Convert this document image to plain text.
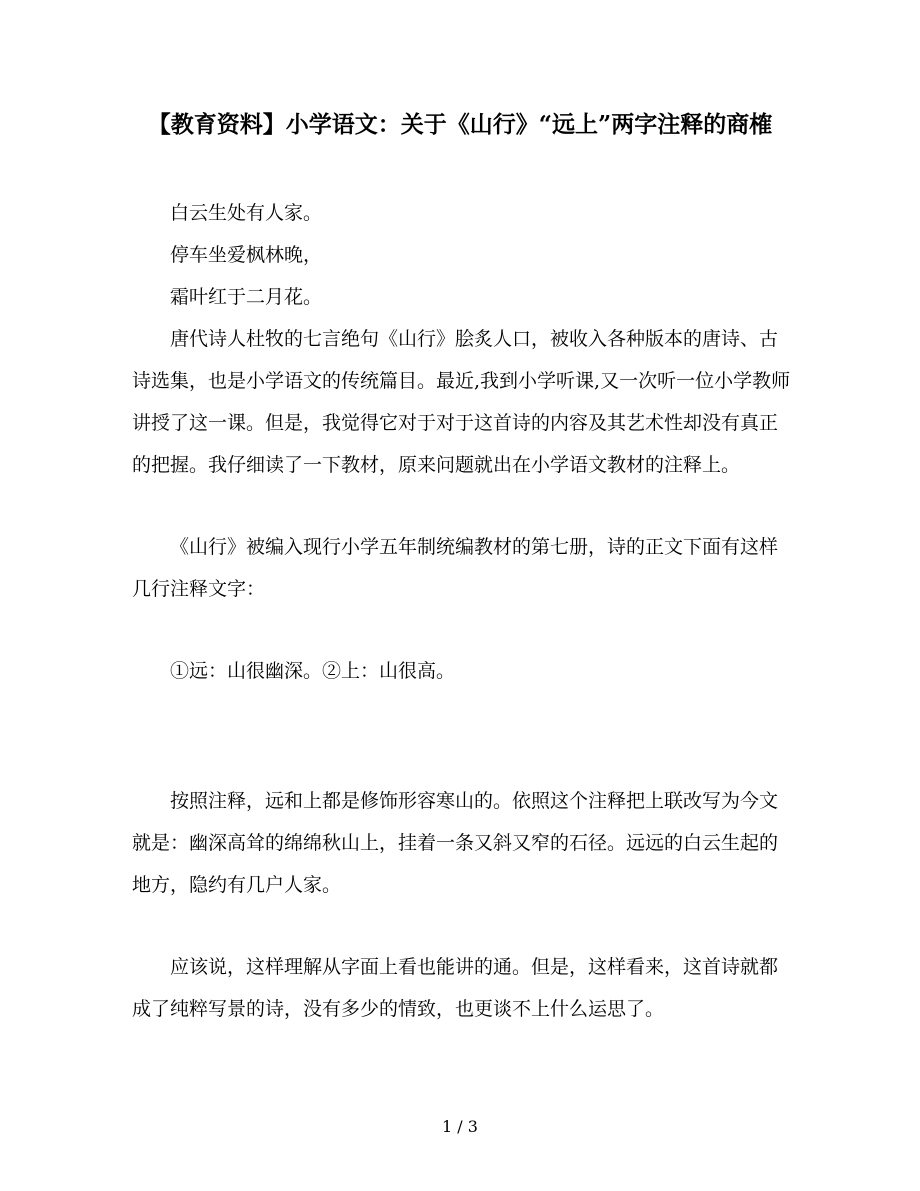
【教育资料】小学语文：关于《山行》“远上”两字注释的商榷

白云生处有人家。

停车坐爱枫林晚，

霜叶红于二月花。

唐代诗人杜牧的七言绝句《山行》脍炙人口，被收入各种版本的唐诗、古诗选集，也是小学语文的传统篇目。最近,我到小学听课,又一次听一位小学教师讲授了这一课。但是，我觉得它对于对于这首诗的内容及其艺术性却没有真正的把握。我仔细读了一下教材，原来问题就出在小学语文教材的注释上。

《山行》被编入现行小学五年制统编教材的第七册，诗的正文下面有这样几行注释文字：

①远：山很幽深。②上：山很高。

按照注释，远和上都是修饰形容寒山的。依照这个注释把上联改写为今文就是：幽深高耸的绵绵秋山上，挂着一条又斜又窄的石径。远远的白云生起的地方，隐约有几户人家。

应该说，这样理解从字面上看也能讲的通。但是，这样看来，这首诗就都成了纯粹写景的诗，没有多少的情致，也更谈不上什么运思了。

1 / 3
